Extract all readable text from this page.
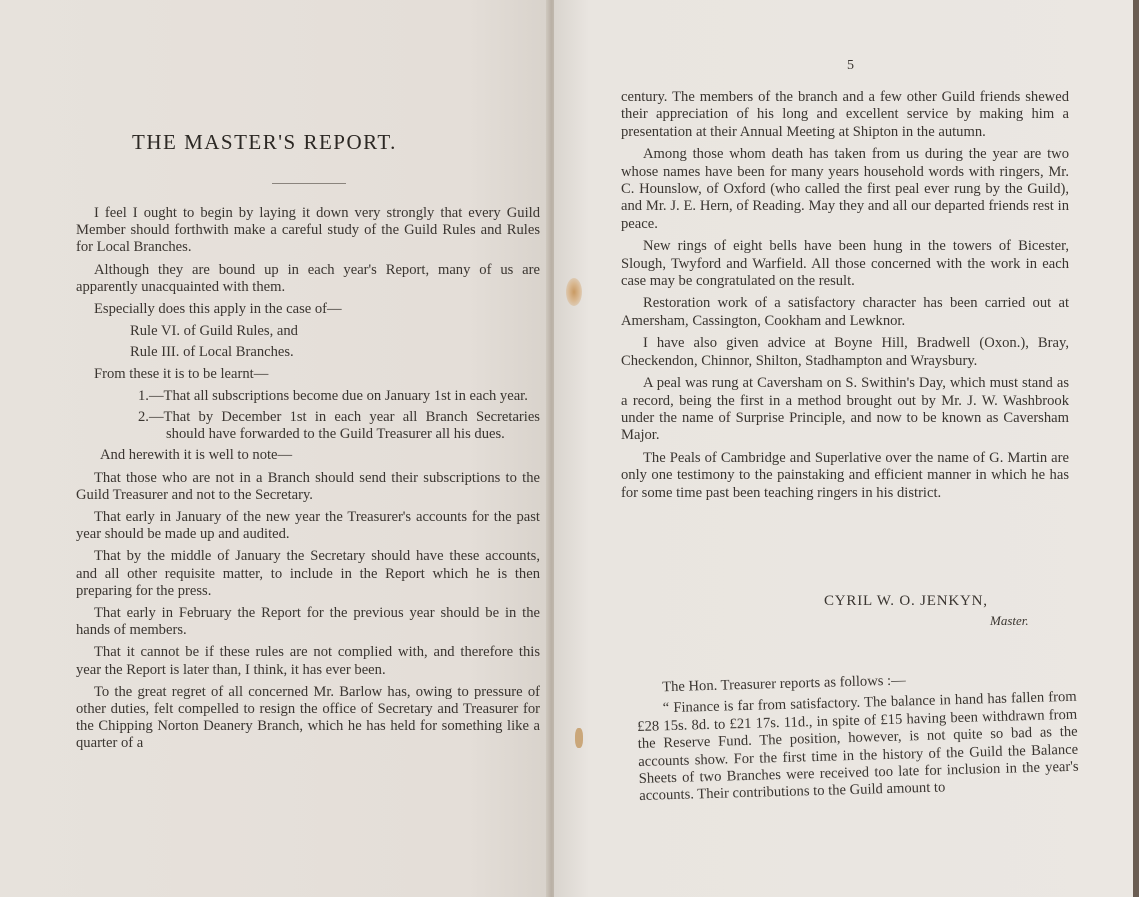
THE MASTER'S REPORT.

I feel I ought to begin by laying it down very strongly that every Guild Member should forthwith make a careful study of the Guild Rules and Rules for Local Branches.

Although they are bound up in each year's Report, many of us are apparently unacquainted with them.

Especially does this apply in the case of—

Rule VI. of Guild Rules, and

Rule III. of Local Branches.

From these it is to be learnt—

1.—That all subscriptions become due on January 1st in each year.

2.—That by December 1st in each year all Branch Secretaries should have forwarded to the Guild Treasurer all his dues.

And herewith it is well to note—

That those who are not in a Branch should send their subscriptions to the Guild Treasurer and not to the Secretary.

That early in January of the new year the Treasurer's accounts for the past year should be made up and audited.

That by the middle of January the Secretary should have these accounts, and all other requisite matter, to include in the Report which he is then preparing for the press.

That early in February the Report for the previous year should be in the hands of members.

That it cannot be if these rules are not complied with, and therefore this year the Report is later than, I think, it has ever been.

To the great regret of all concerned Mr. Barlow has, owing to pressure of other duties, felt compelled to resign the office of Secretary and Treasurer for the Chipping Norton Deanery Branch, which he has held for something like a quarter of a

5

century. The members of the branch and a few other Guild friends shewed their appreciation of his long and excellent service by making him a presentation at their Annual Meeting at Shipton in the autumn.

Among those whom death has taken from us during the year are two whose names have been for many years household words with ringers, Mr. C. Hounslow, of Oxford (who called the first peal ever rung by the Guild), and Mr. J. E. Hern, of Reading. May they and all our departed friends rest in peace.

New rings of eight bells have been hung in the towers of Bicester, Slough, Twyford and Warfield. All those concerned with the work in each case may be congratulated on the result.

Restoration work of a satisfactory character has been carried out at Amersham, Cassington, Cookham and Lewknor.

I have also given advice at Boyne Hill, Bradwell (Oxon.), Bray, Checkendon, Chinnor, Shilton, Stadhampton and Wraysbury.

A peal was rung at Caversham on S. Swithin's Day, which must stand as a record, being the first in a method brought out by Mr. J. W. Washbrook under the name of Surprise Principle, and now to be known as Caversham Major.

The Peals of Cambridge and Superlative over the name of G. Martin are only one testimony to the painstaking and efficient manner in which he has for some time past been teaching ringers in his district.

CYRIL W. O. JENKYN,
Master.

The Hon. Treasurer reports as follows :—

“ Finance is far from satisfactory. The balance in hand has fallen from £28 15s. 8d. to £21 17s. 11d., in spite of £15 having been withdrawn from the Reserve Fund. The position, however, is not quite so bad as the accounts show. For the first time in the history of the Guild the Balance Sheets of two Branches were received too late for inclusion in the year's accounts. Their contributions to the Guild amount to
